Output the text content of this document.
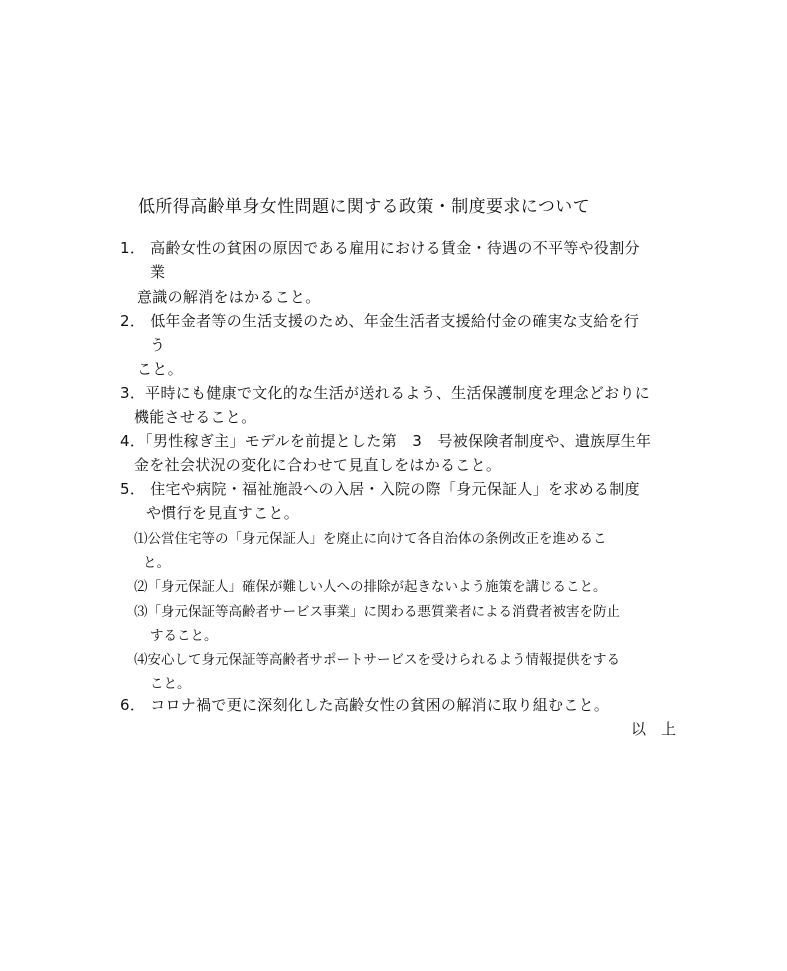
低所得高齢単身女性問題に関する政策・制度要求について
1． 高齢女性の貧困の原因である雇用における賃金・待遇の不平等や役割分
業
意識の解消をはかること。
2． 低年金者等の生活支援のため、年金生活者支援給付金の確実な支給を行
う
こと。
3．平時にも健康で文化的な生活が送れるよう、生活保護制度を理念どおりに
機能させること。
4．「男性稼ぎ主」モデルを前提とした第　3　号被保険者制度や、遺族厚生年
金を社会状況の変化に合わせて見直しをはかること。
5． 住宅や病院・福祉施設への入居・入院の際「身元保証人」を求める制度
や慣行を見直すこと。
⑴公営住宅等の「身元保証人」を廃止に向けて各自治体の条例改正を進めるこ
と。
⑵「身元保証人」確保が難しい人への排除が起きないよう施策を講じること。
⑶「身元保証等高齢者サービス事業」に関わる悪質業者による消費者被害を防止
すること。
⑷安心して身元保証等高齢者サポートサービスを受けられるよう情報提供をする
こと。
6． コロナ禍で更に深刻化した高齢女性の貧困の解消に取り組むこと。
以　上
